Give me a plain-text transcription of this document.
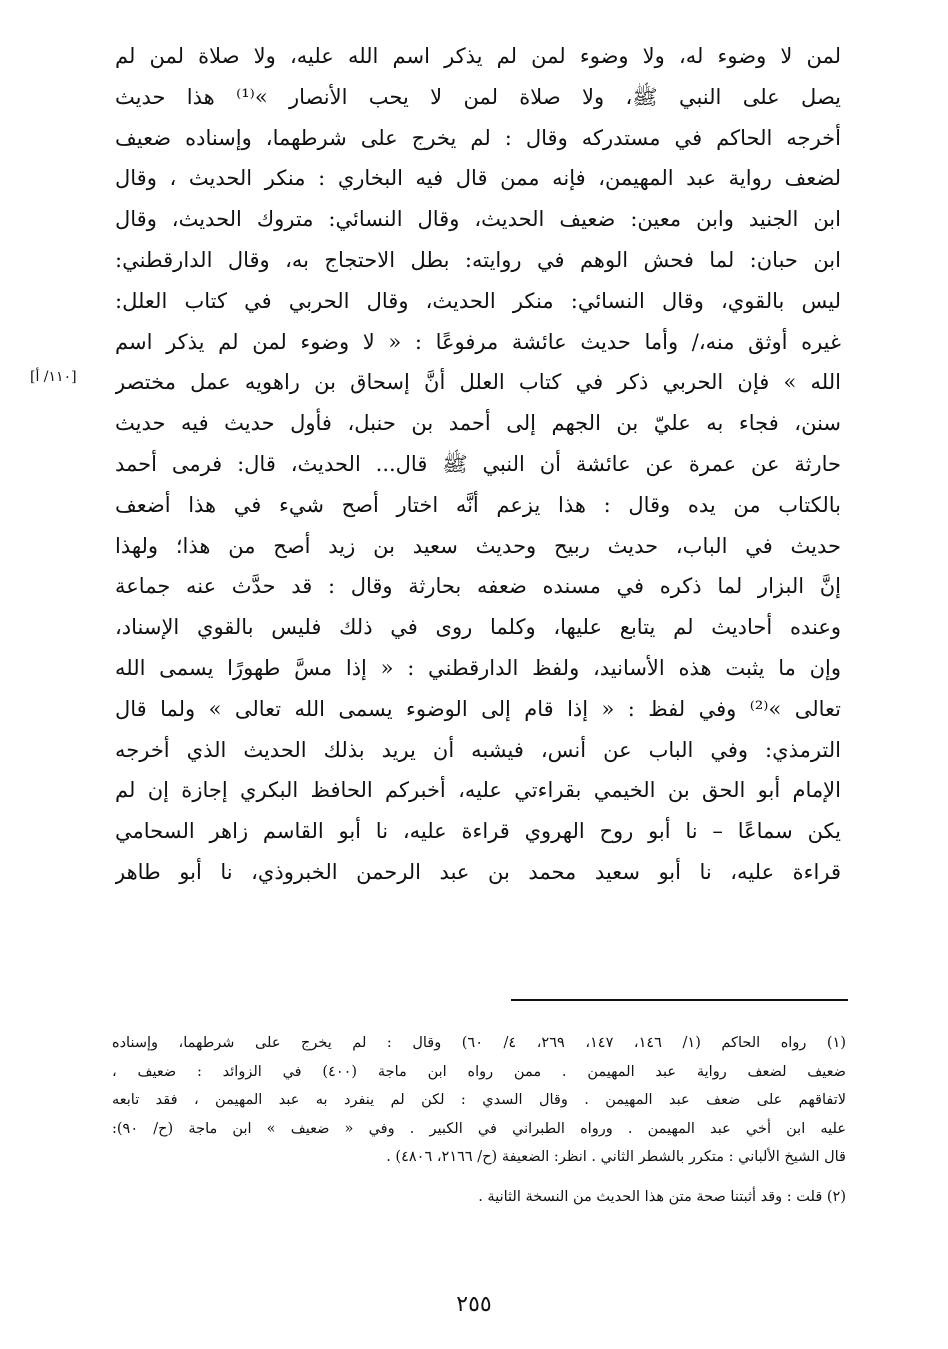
لمن لا وضوء له، ولا وضوء لمن لم يذكر اسم الله عليه، ولا صلاة لمن لم
يصل على النبي ﷺ، ولا صلاة لمن لا يحب الأنصار »⁽¹⁾ هذا حديث
أخرجه الحاكم في مستدركه وقال : لم يخرج على شرطهما، وإسناده ضعيف
لضعف رواية عبد المهيمن، فإنه ممن قال فيه البخاري : منكر الحديث ، وقال
ابن الجنيد وابن معين: ضعيف الحديث، وقال النسائي: متروك الحديث، وقال
ابن حبان: لما فحش الوهم في روايته: بطل الاحتجاج به، وقال الدارقطني:
ليس بالقوي، وقال النسائي: منكر الحديث، وقال الحربي في كتاب العلل:
غيره أوثق منه،/ وأما حديث عائشة مرفوعًا : « لا وضوء لمن لم يذكر اسم
الله » فإن الحربي ذكر في كتاب العلل أنَّ إسحاق بن راهويه عمل مختصر
سنن، فجاء به عليّ بن الجهم إلى أحمد بن حنبل، فأول حديث فيه حديث
حارثة عن عمرة عن عائشة أن النبي ﷺ قال... الحديث، قال: فرمى أحمد
بالكتاب من يده وقال : هذا يزعم أنَّه اختار أصح شيء في هذا أضعف
حديث في الباب، حديث ربيح وحديث سعيد بن زيد أصح من هذا؛ ولهذا
إنَّ البزار لما ذكره في مسنده ضعفه بحارثة وقال : قد حدَّث عنه جماعة
وعنده أحاديث لم يتابع عليها، وكلما روى في ذلك فليس بالقوي الإسناد،
وإن ما يثبت هذه الأسانيد، ولفظ الدارقطني : « إذا مسَّ طهورًا يسمى الله
تعالى »⁽²⁾ وفي لفظ : « إذا قام إلى الوضوء يسمى الله تعالى » ولما قال
الترمذي: وفي الباب عن أنس، فيشبه أن يريد بذلك الحديث الذي أخرجه
الإمام أبو الحق بن الخيمي بقراءتي عليه، أخبركم الحافظ البكري إجازة إن لم
يكن سماعًا – نا أبو روح الهروي قراءة عليه، نا أبو القاسم زاهر السحامي
قراءة عليه، نا أبو سعيد محمد بن عبد الرحمن الخبروذي، نا أبو طاهر
[١١٠/ أ]
(١) رواه الحاكم (١/ ١٤٦، ١٤٧، ٢٦٩، ٤/ ٦٠) وقال : لم يخرج على شرطهما، وإسناده
ضعيف لضعف رواية عبد المهيمن . ممن رواه ابن ماجة (٤٠٠) في الزوائد : ضعيف ،
لاتفاقهم على ضعف عبد المهيمن . وقال السدي : لكن لم ينفرد به عبد المهيمن ، فقد تابعه
عليه ابن أخي عبد المهيمن . ورواه الطبراني في الكبير . وفي « ضعيف » ابن ماجة (ح/ ٩٠):
قال الشيخ الألباني : متكرر بالشطر الثاني . انظر: الضعيفة (ح/ ٢١٦٦، ٤٨٠٦) .
(٢) قلت : وقد أثبتنا صحة متن هذا الحديث من النسخة الثانية .
٢٥٥
